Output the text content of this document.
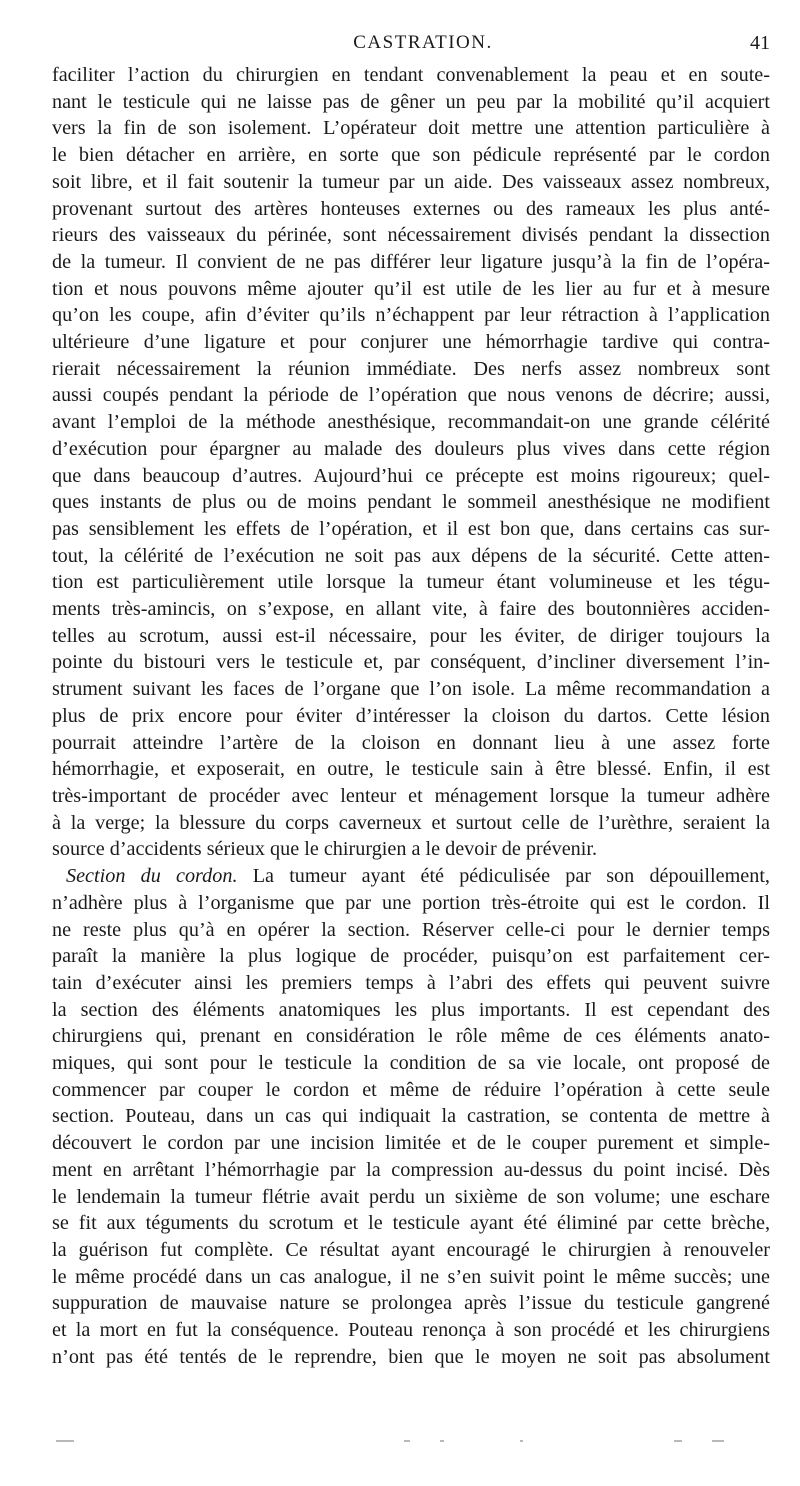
CASTRATION.	41
faciliter l’action du chirurgien en tendant convenablement la peau et en soute-
nant le testicule qui ne laisse pas de gêner un peu par la mobilité qu’il acquiert
vers la fin de son isolement. L’opérateur doit mettre une attention particulière à
le bien détacher en arrière, en sorte que son pédicule représenté par le cordon
soit libre, et il fait soutenir la tumeur par un aide. Des vaisseaux assez nombreux,
provenant surtout des artères honteuses externes ou des rameaux les plus anté-
rieurs des vaisseaux du périnée, sont nécessairement divisés pendant la dissection
de la tumeur. Il convient de ne pas différer leur ligature jusqu’à la fin de l’opéra-
tion et nous pouvons même ajouter qu’il est utile de les lier au fur et à mesure
qu’on les coupe, afin d’éviter qu’ils n’échappent par leur rétraction à l’application
ultérieure d’une ligature et pour conjurer une hémorrhagie tardive qui contra-
rierait nécessairement la réunion immédiate. Des nerfs assez nombreux sont
aussi coupés pendant la période de l’opération que nous venons de décrire; aussi,
avant l’emploi de la méthode anesthésique, recommandait-on une grande célérité
d’exécution pour épargner au malade des douleurs plus vives dans cette région
que dans beaucoup d’autres. Aujourd’hui ce précepte est moins rigoureux; quel-
ques instants de plus ou de moins pendant le sommeil anesthésique ne modifient
pas sensiblement les effets de l’opération, et il est bon que, dans certains cas sur-
tout, la célérité de l’exécution ne soit pas aux dépens de la sécurité. Cette atten-
tion est particulièrement utile lorsque la tumeur étant volumineuse et les tégu-
ments très-amincis, on s’expose, en allant vite, à faire des boutonnières acciden-
telles au scrotum, aussi est-il nécessaire, pour les éviter, de diriger toujours la
pointe du bistouri vers le testicule et, par conséquent, d’incliner diversement l’in-
strument suivant les faces de l’organe que l’on isole. La même recommandation a
plus de prix encore pour éviter d’intéresser la cloison du dartos. Cette lésion
pourrait atteindre l’artère de la cloison en donnant lieu à une assez forte
hémorrhagie, et exposerait, en outre, le testicule sain à être blessé. Enfin, il est
très-important de procéder avec lenteur et ménagement lorsque la tumeur adhère
à la verge; la blessure du corps caverneux et surtout celle de l’urèthre, seraient la
source d’accidents sérieux que le chirurgien a le devoir de prévenir.
Section du cordon. La tumeur ayant été pédiculisée par son dépouillement,
n’adhère plus à l’organisme que par une portion très-étroite qui est le cordon. Il
ne reste plus qu’à en opérer la section. Réserver celle-ci pour le dernier temps
paraît la manière la plus logique de procéder, puisqu’on est parfaitement cer-
tain d’exécuter ainsi les premiers temps à l’abri des effets qui peuvent suivre
la section des éléments anatomiques les plus importants. Il est cependant des
chirurgiens qui, prenant en considération le rôle même de ces éléments anato-
miques, qui sont pour le testicule la condition de sa vie locale, ont proposé de
commencer par couper le cordon et même de réduire l’opération à cette seule
section. Pouteau, dans un cas qui indiquait la castration, se contenta de mettre à
découvert le cordon par une incision limitée et de le couper purement et simple-
ment en arrêtant l’hémorrhagie par la compression au-dessus du point incisé. Dès
le lendemain la tumeur flétrie avait perdu un sixième de son volume; une eschare
se fit aux téguments du scrotum et le testicule ayant été éliminé par cette brèche,
la guérison fut complète. Ce résultat ayant encouragé le chirurgien à renouveler
le même procédé dans un cas analogue, il ne s’en suivit point le même succès; une
suppuration de mauvaise nature se prolongea après l’issue du testicule gangrené
et la mort en fut la conséquence. Pouteau renonça à son procédé et les chirurgiens
n’ont pas été tentés de le reprendre, bien que le moyen ne soit pas absolument
